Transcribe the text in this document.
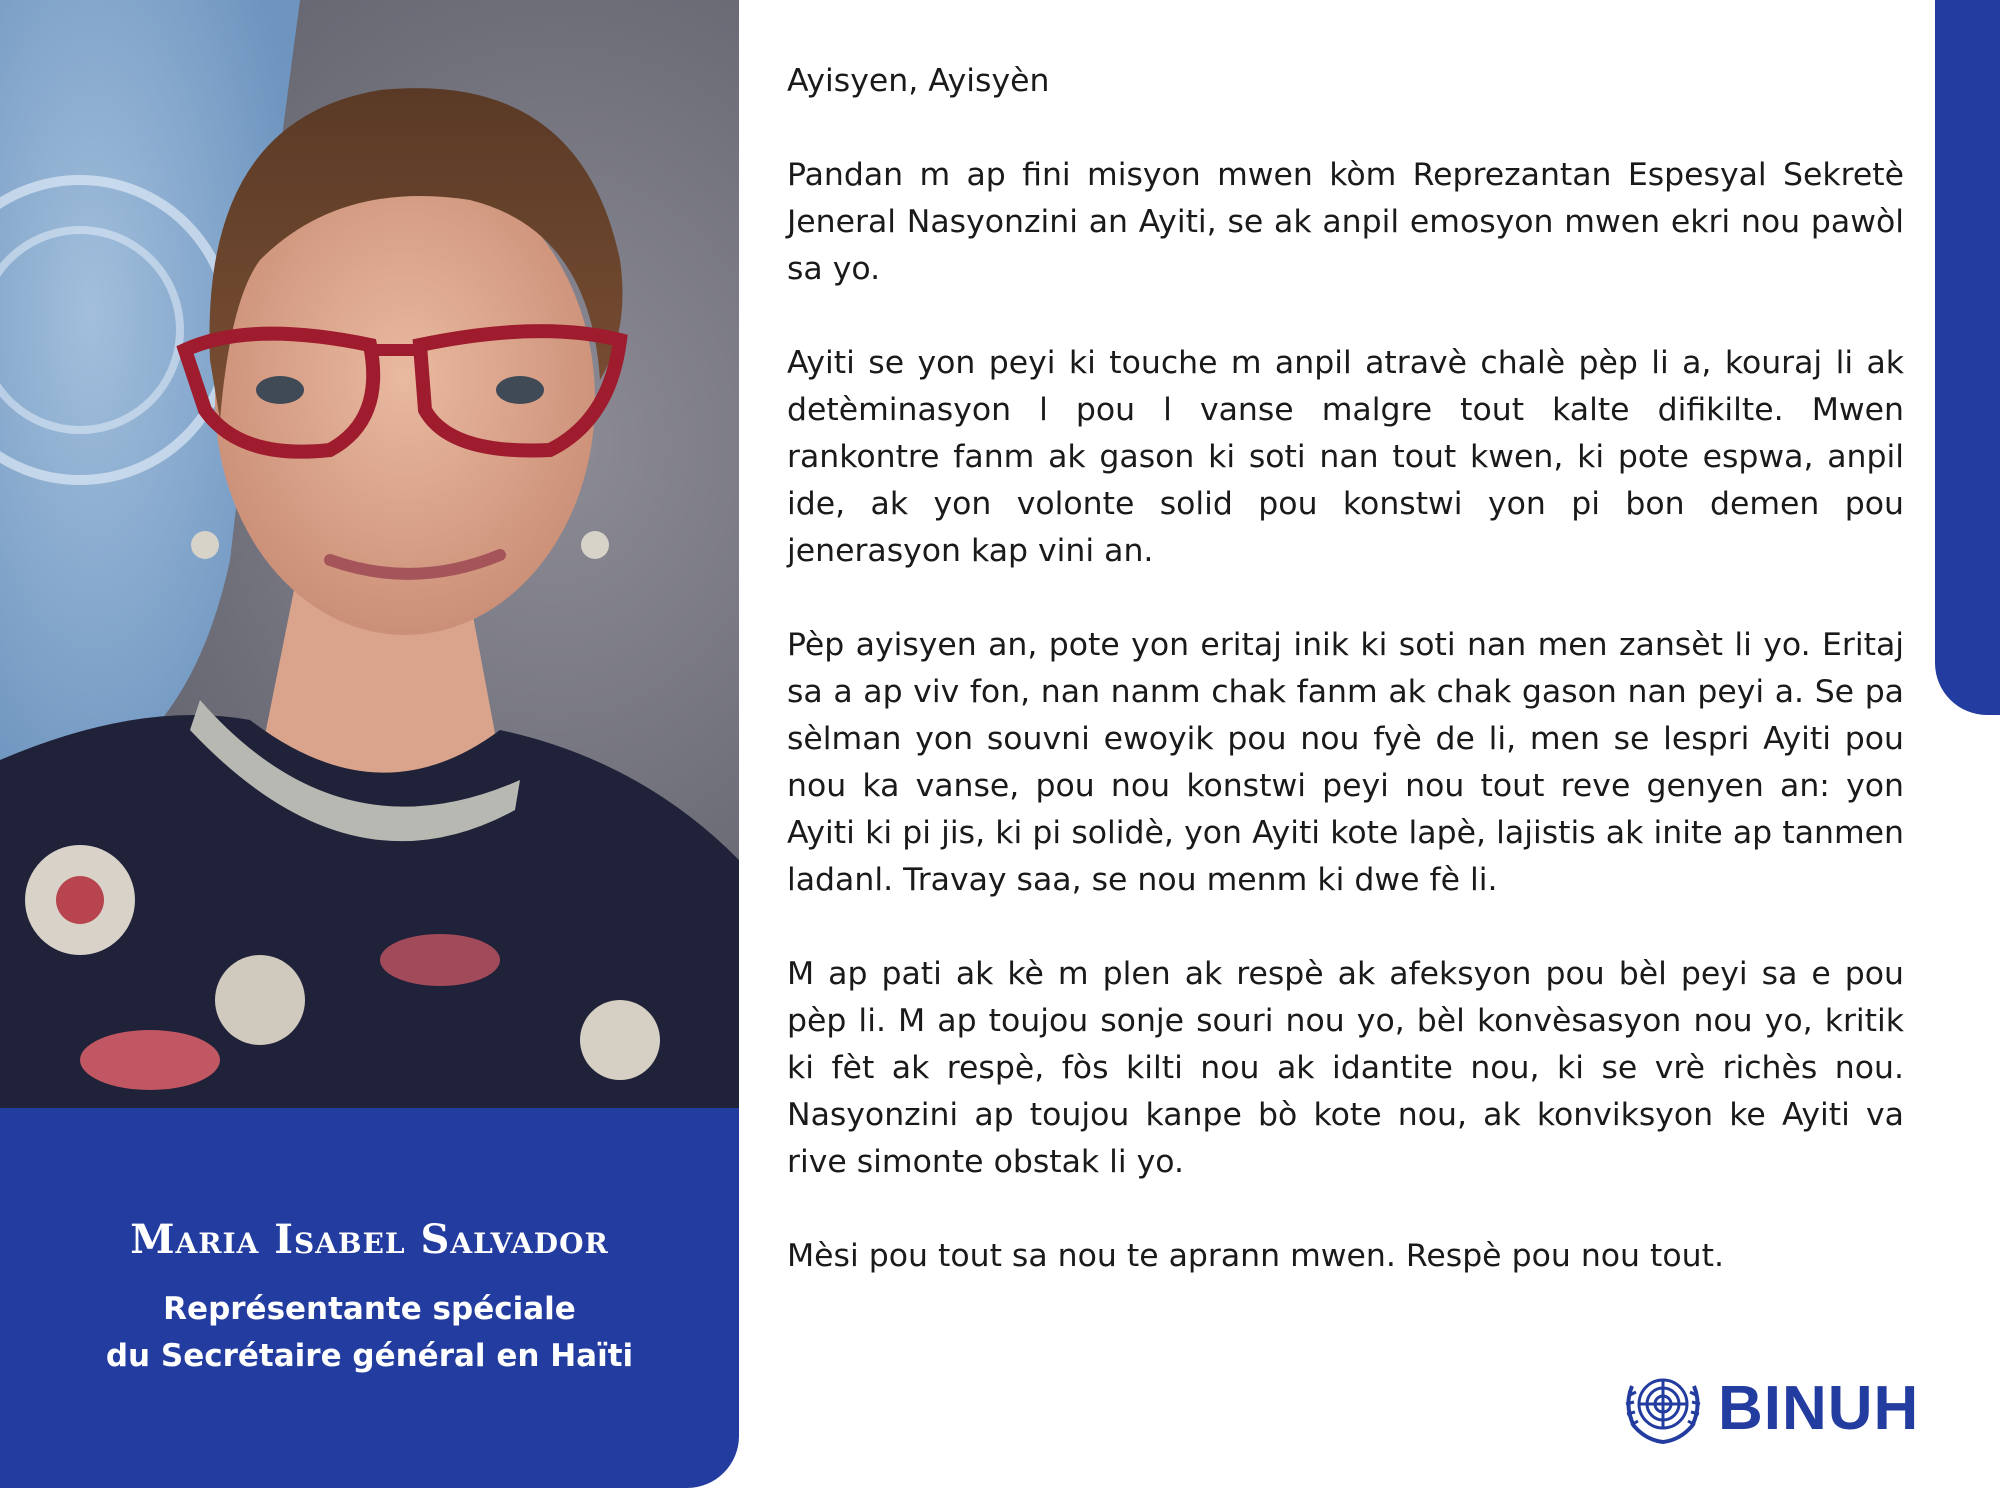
Maria Isabel Salvador
Représentante spéciale
du Secrétaire général en Haïti

Ayisyen, Ayisyèn

Pandan m ap fini misyon mwen kòm Reprezantan Espesyal Sekretè Jeneral Nasyonzini an Ayiti, se ak anpil emosyon mwen ekri nou pawòl sa yo.

Ayiti se yon peyi ki touche m anpil atravè chalè pèp li a, kouraj li ak detèminasyon l pou l vanse malgre tout kalte difikilte. Mwen rankontre fanm ak gason ki soti nan tout kwen, ki pote espwa, anpil ide, ak yon volonte solid pou konstwi yon pi bon demen pou jenerasyon kap vini an.

Pèp ayisyen an, pote yon eritaj inik ki soti nan men zansèt li yo. Eritaj sa a ap viv fon, nan nanm chak fanm ak chak gason nan peyi a. Se pa sèlman yon souvni ewoyik pou nou fyè de li, men se lespri Ayiti pou nou ka vanse, pou nou konstwi peyi nou tout reve genyen an: yon Ayiti ki pi jis, ki pi solidè, yon Ayiti kote lapè, lajistis ak inite ap tanmen ladanl. Travay saa, se nou menm ki dwe fè li.

M ap pati ak kè m plen ak respè ak afeksyon pou bèl peyi sa e pou pèp li. M ap toujou sonje souri nou yo, bèl konvèsasyon nou yo, kritik ki fèt ak respè, fòs kilti nou ak idantite nou, ki se vrè richès nou. Nasyonzini ap toujou kanpe bò kote nou, ak konviksyon ke Ayiti va rive simonte obstak li yo.

Mèsi pou tout sa nou te aprann mwen. Respè pou nou tout.

BINUH
